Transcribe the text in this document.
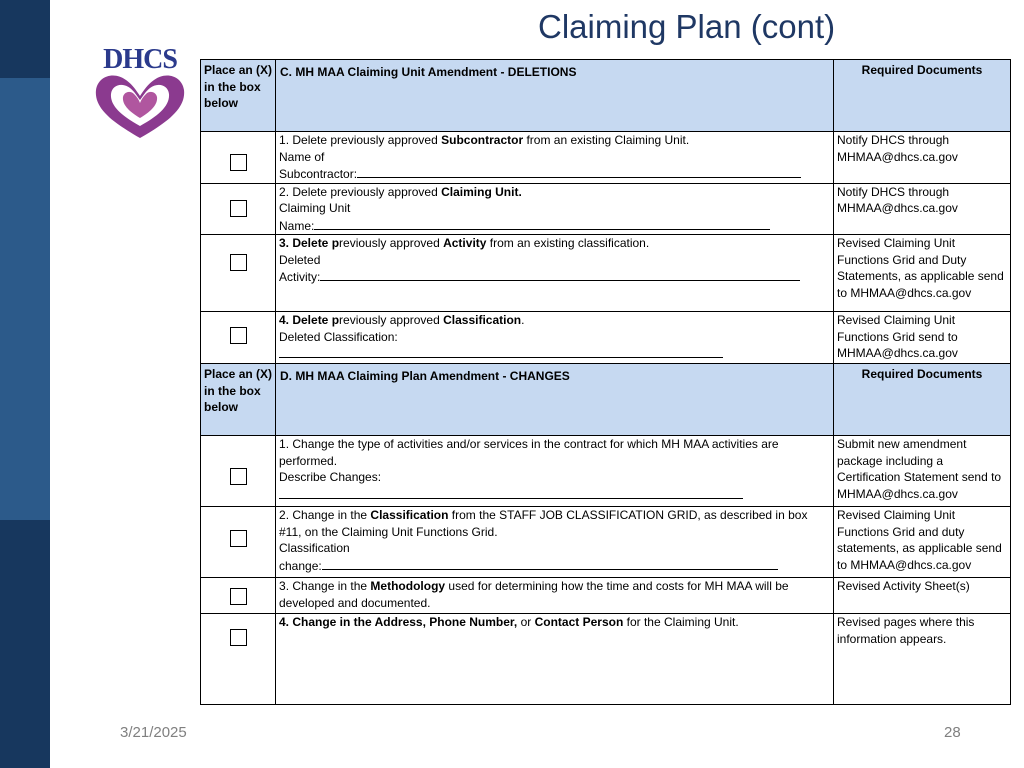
Claiming Plan (cont)
DHCS	Place an (X) in the box below	C. MH MAA Claiming Unit Amendment - DELETIONS	Required Documents
	1. Delete previously approved Subcontractor from an existing Claiming Unit.
Name of
Subcontractor:	Notify DHCS through MHMAA@dhcs.ca.gov
	2. Delete previously approved Claiming Unit.
Claiming Unit
Name:	Notify DHCS through MHMAA@dhcs.ca.gov
	3. Delete previously approved Activity from an existing classification.
Deleted
Activity:	Revised Claiming Unit Functions Grid and Duty Statements, as applicable send to MHMAA@dhcs.ca.gov
	4. Delete previously approved Classification.
Deleted Classification:	Revised Claiming Unit Functions Grid send to MHMAA@dhcs.ca.gov
Place an (X) in the box below	D. MH MAA Claiming Plan Amendment - CHANGES	Required Documents
	1. Change the type of activities and/or services in the contract for which MH MAA activities are performed.
Describe Changes:	Submit new amendment package including a Certification Statement send to MHMAA@dhcs.ca.gov
	2. Change in the Classification from the STAFF JOB CLASSIFICATION GRID, as described in box #11, on the Claiming Unit Functions Grid.
Classification
change:	Revised Claiming Unit Functions Grid and duty statements, as applicable send to MHMAA@dhcs.ca.gov
	3. Change in the Methodology used for determining how the time and costs for MH MAA will be developed and documented.	Revised Activity Sheet(s)
	4. Change in the Address, Phone Number, or Contact Person for the Claiming Unit.	Revised pages where this information appears.
3/21/2025	28
